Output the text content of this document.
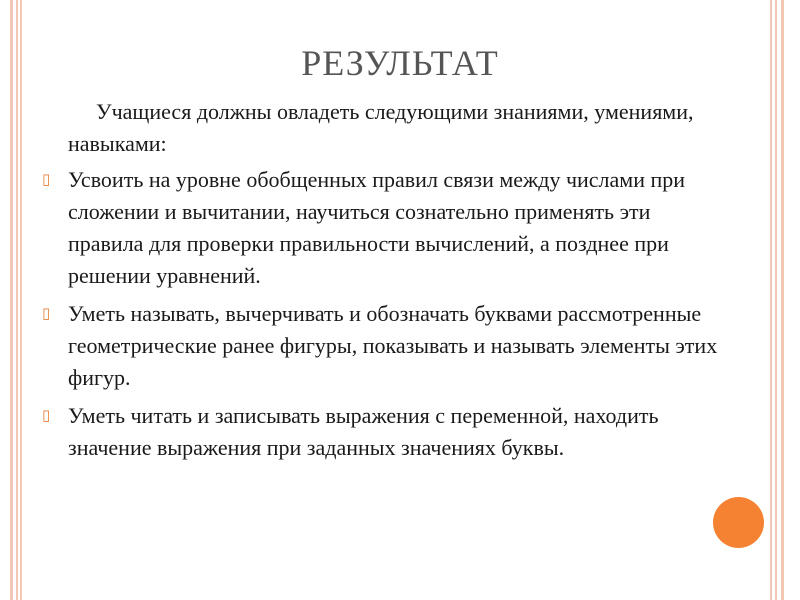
РЕЗУЛЬТАТ

Учащиеся должны овладеть следующими знаниями, умениями, навыками:

▯ Усвоить на уровне обобщенных правил связи между числами при сложении и вычитании, научиться сознательно применять эти правила для проверки правильности вычислений, а позднее при решении уравнений.
▯ Уметь называть, вычерчивать и обозначать буквами рассмотренные геометрические ранее фигуры, показывать и называть элементы этих фигур.
▯ Уметь читать и записывать выражения с переменной, находить значение выражения при заданных значениях буквы.
